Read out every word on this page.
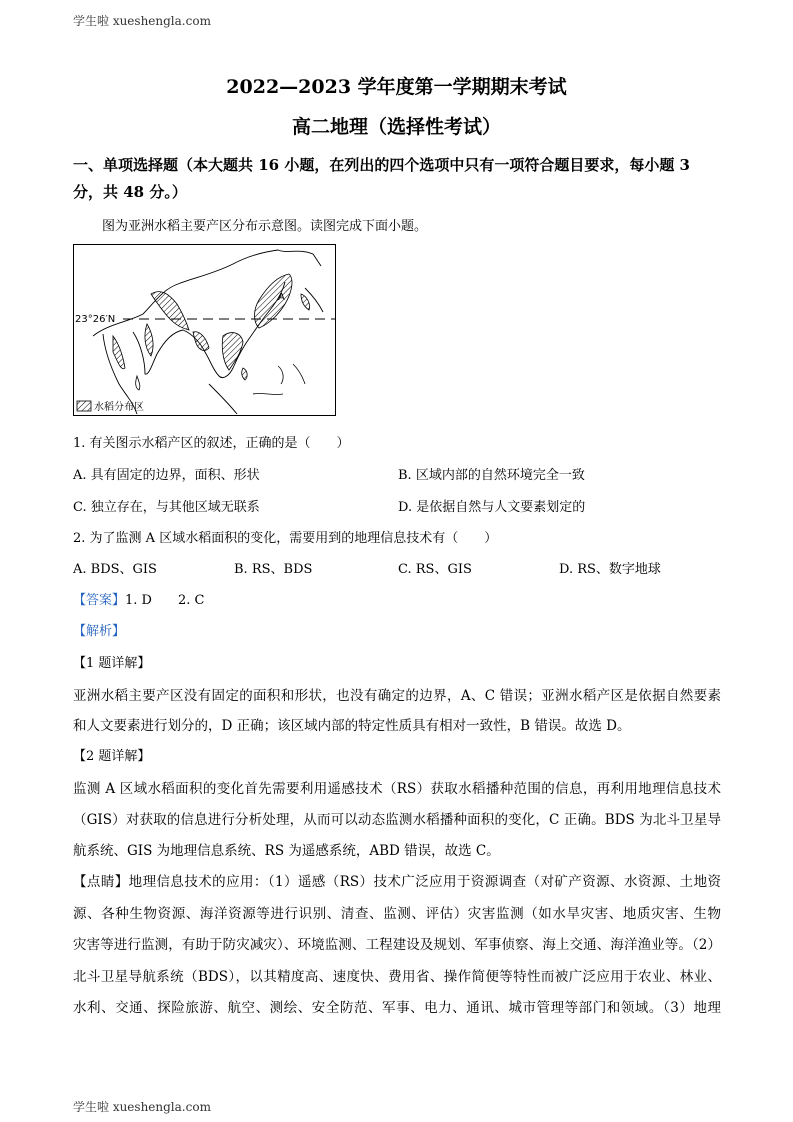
学生啦 xueshengla.com
2022—2023 学年度第一学期期末考试
高二地理（选择性考试）
一、单项选择题（本大题共 16 小题，在列出的四个选项中只有一项符合题目要求，每小题 3
分，共 48 分。）
图为亚洲水稻主要产区分布示意图。读图完成下面小题。
23°26′N
A
水稻分布区
1. 有关图示水稻产区的叙述，正确的是（　　）
A. 具有固定的边界，面积、形状	B. 区域内部的自然环境完全一致
C. 独立存在，与其他区域无联系	D. 是依据自然与人文要素划定的
2. 为了监测 A 区域水稻面积的变化，需要用到的地理信息技术有（　　）
A. BDS、GIS	B. RS、BDS	C. RS、GIS	D. RS、数字地球
【答案】1. D　　2. C
【解析】
【1 题详解】
亚洲水稻主要产区没有固定的面积和形状，也没有确定的边界，A、C 错误；亚洲水稻产区是依据自然要素
和人文要素进行划分的，D 正确；该区域内部的特定性质具有相对一致性，B 错误。故选 D。
【2 题详解】
监测 A 区域水稻面积的变化首先需要利用遥感技术（RS）获取水稻播种范围的信息，再利用地理信息技术
（GIS）对获取的信息进行分析处理，从而可以动态监测水稻播种面积的变化，C 正确。BDS 为北斗卫星导
航系统、GIS 为地理信息系统、RS 为遥感系统，ABD 错误，故选 C。
【点睛】地理信息技术的应用：（1）遥感（RS）技术广泛应用于资源调查（对矿产资源、水资源、土地资
源、各种生物资源、海洋资源等进行识别、清查、监测、评估）灾害监测（如水旱灾害、地质灾害、生物
灾害等进行监测，有助于防灾减灾）、环境监测、工程建设及规划、军事侦察、海上交通、海洋渔业等。（2）
北斗卫星导航系统（BDS），以其精度高、速度快、费用省、操作简便等特性而被广泛应用于农业、林业、
水利、交通、探险旅游、航空、测绘、安全防范、军事、电力、通讯、城市管理等部门和领域。（3）地理
学生啦 xueshengla.com
